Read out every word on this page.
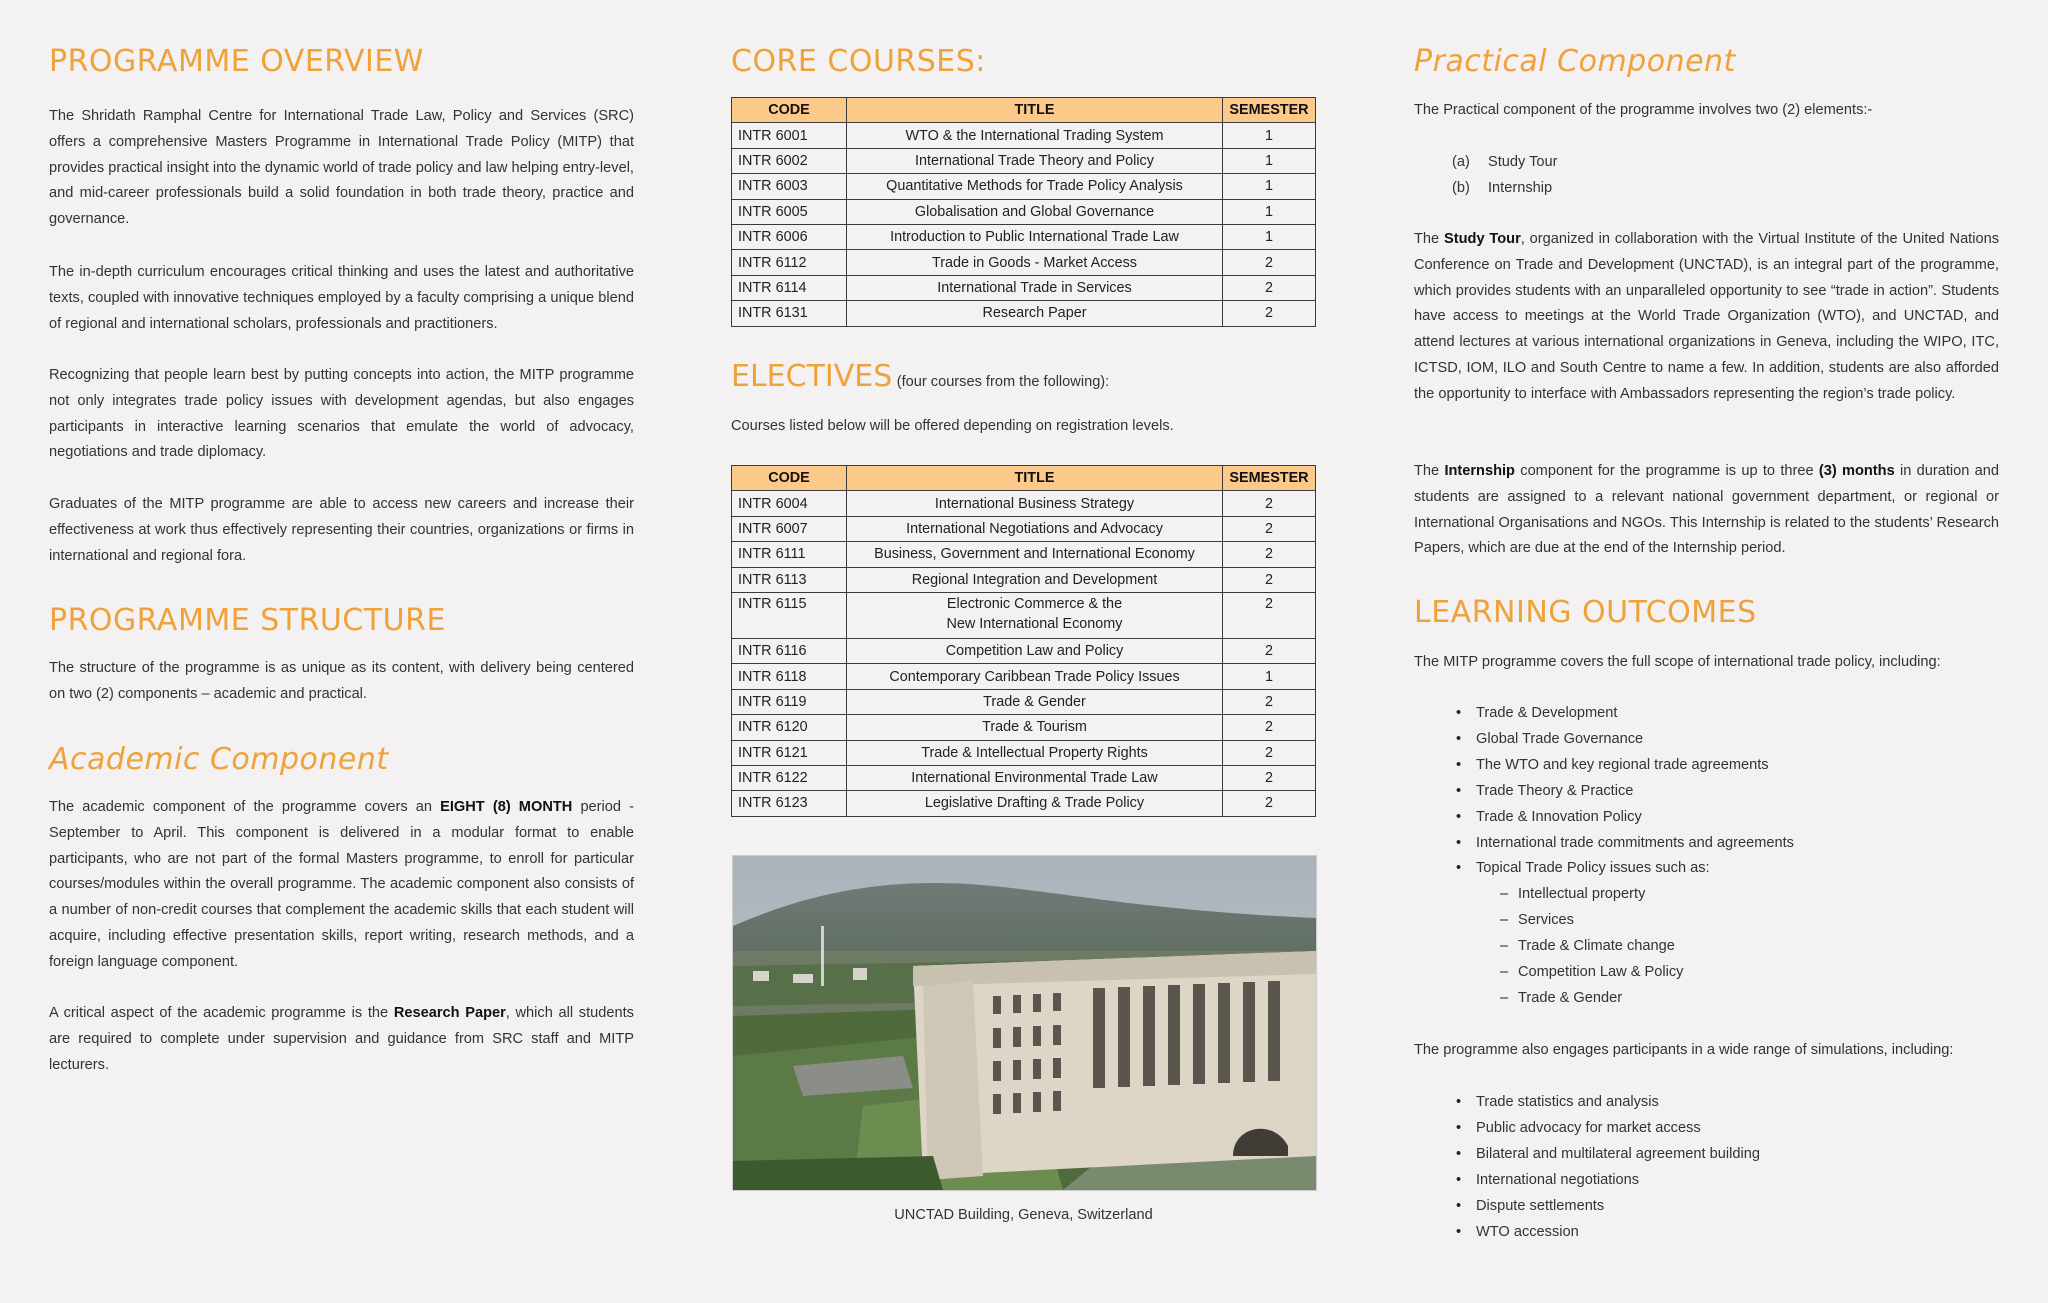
PROGRAMME OVERVIEW

The Shridath Ramphal Centre for International Trade Law, Policy and Services (SRC) offers a comprehensive Masters Programme in International Trade Policy (MITP) that provides practical insight into the dynamic world of trade policy and law helping entry-level, and mid-career professionals build a solid foundation in both trade theory, practice and governance.

The in-depth curriculum encourages critical thinking and uses the latest and authoritative texts, coupled with innovative techniques employed by a faculty comprising a unique blend of regional and international scholars, professionals and practitioners.

Recognizing that people learn best by putting concepts into action, the MITP programme not only integrates trade policy issues with development agendas, but also engages participants in interactive learning scenarios that emulate the world of advocacy, negotiations and trade diplomacy.

Graduates of the MITP programme are able to access new careers and increase their effectiveness at work thus effectively representing their countries, organizations or firms in international and regional fora.

PROGRAMME STRUCTURE

The structure of the programme is as unique as its content, with delivery being centered on two (2) components – academic and practical.

Academic Component

The academic component of the programme covers an EIGHT (8) MONTH period - September to April. This component is delivered in a modular format to enable participants, who are not part of the formal Masters programme, to enroll for particular courses/modules within the overall programme. The academic component also consists of a number of non-credit courses that complement the academic skills that each student will acquire, including effective presentation skills, report writing, research methods, and a foreign language component.

A critical aspect of the academic programme is the Research Paper, which all students are required to complete under supervision and guidance from SRC staff and MITP lecturers.

CORE COURSES:
CODE	TITLE	SEMESTER
INTR 6001	WTO & the International Trading System	1
INTR 6002	International Trade Theory and Policy	1
INTR 6003	Quantitative Methods for Trade Policy Analysis	1
INTR 6005	Globalisation and Global Governance	1
INTR 6006	Introduction to Public International Trade Law	1
INTR 6112	Trade in Goods - Market Access	2
INTR 6114	International Trade in Services	2
INTR 6131	Research Paper	2
ELECTIVES (four courses from the following):

Courses listed below will be offered depending on registration levels.

CODE	TITLE	SEMESTER
INTR 6004	International Business Strategy	2
INTR 6007	International Negotiations and Advocacy	2
INTR 6111	Business, Government and International Economy	2
INTR 6113	Regional Integration and Development	2
INTR 6115	Electronic Commerce & the
New International Economy	2
INTR 6116	Competition Law and Policy	2
INTR 6118	Contemporary Caribbean Trade Policy Issues	1
INTR 6119	Trade & Gender	2
INTR 6120	Trade & Tourism	2
INTR 6121	Trade & Intellectual Property Rights	2
INTR 6122	International Environmental Trade Law	2
INTR 6123	Legislative Drafting & Trade Policy	2
UNCTAD Building, Geneva, Switzerland
Practical Component

The Practical component of the programme involves two (2) elements:-

(a) Study Tour
(b) Internship

The Study Tour, organized in collaboration with the Virtual Institute of the United Nations Conference on Trade and Development (UNCTAD), is an integral part of the programme, which provides students with an unparalleled opportunity to see “trade in action”. Students have access to meetings at the World Trade Organization (WTO), and UNCTAD, and attend lectures at various international organizations in Geneva, including the WIPO, ITC, ICTSD, IOM, ILO and South Centre to name a few. In addition, students are also afforded the opportunity to interface with Ambassadors representing the region’s trade policy.

The Internship component for the programme is up to three (3) months in duration and students are assigned to a relevant national government department, or regional or International Organisations and NGOs. This Internship is related to the students’ Research Papers, which are due at the end of the Internship period.

LEARNING OUTCOMES

The MITP programme covers the full scope of international trade policy, including:

• Trade & Development
• Global Trade Governance
• The WTO and key regional trade agreements
• Trade Theory & Practice
• Trade & Innovation Policy
• International trade commitments and agreements
• Topical Trade Policy issues such as:
– Intellectual property
– Services
– Trade & Climate change
– Competition Law & Policy
– Trade & Gender

The programme also engages participants in a wide range of simulations, including:

• Trade statistics and analysis
• Public advocacy for market access
• Bilateral and multilateral agreement building
• International negotiations
• Dispute settlements
• WTO accession
